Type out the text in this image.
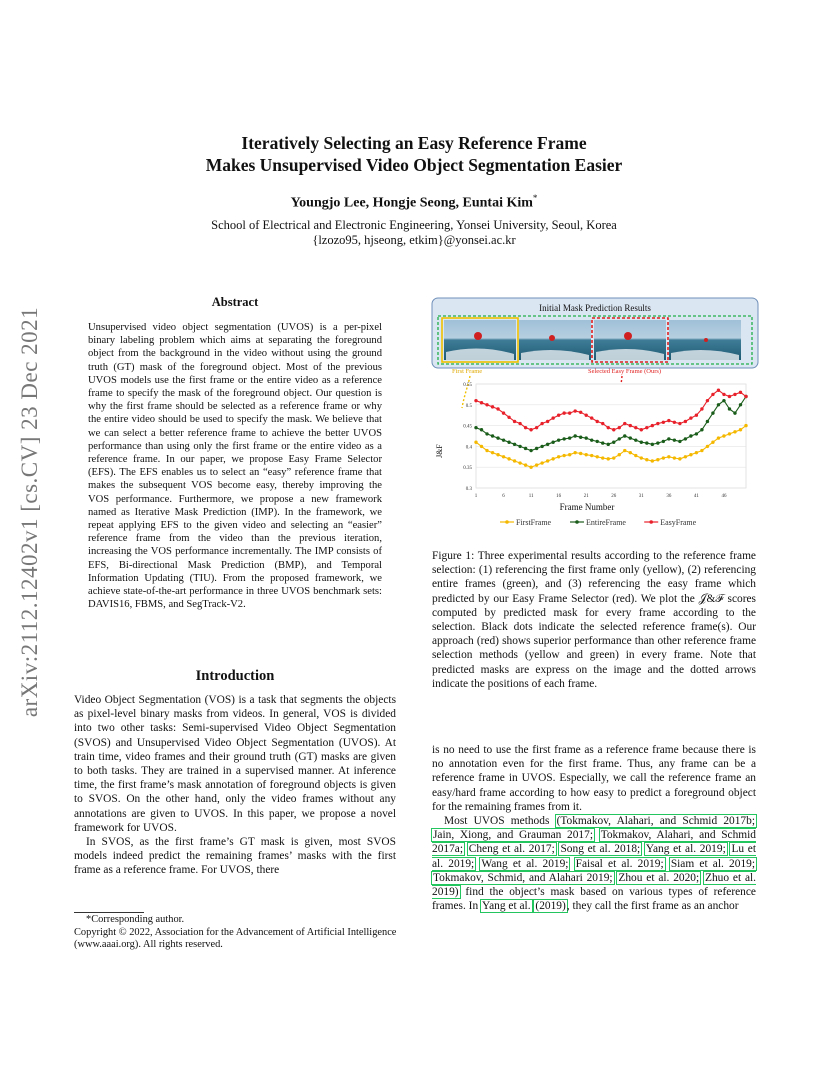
arXiv:2112.12402v1 [cs.CV] 23 Dec 2021
Iteratively Selecting an Easy Reference Frame
Makes Unsupervised Video Object Segmentation Easier
Youngjo Lee, Hongje Seong, Euntai Kim*
School of Electrical and Electronic Engineering, Yonsei University, Seoul, Korea
{lzozo95, hjseong, etkim}@yonsei.ac.kr
Abstract
Unsupervised video object segmentation (UVOS) is a per-pixel binary labeling problem which aims at separating the foreground object from the background in the video without using the ground truth (GT) mask of the foreground object. Most of the previous UVOS models use the first frame or the entire video as a reference frame to specify the mask of the foreground object. Our question is why the first frame should be selected as a reference frame or why the entire video should be used to specify the mask. We believe that we can select a better reference frame to achieve the better UVOS performance than using only the first frame or the entire video as a reference frame. In our paper, we propose Easy Frame Selector (EFS). The EFS enables us to select an “easy” reference frame that makes the subsequent VOS become easy, thereby improving the VOS performance. Furthermore, we propose a new framework named as Iterative Mask Prediction (IMP). In the framework, we repeat applying EFS to the given video and selecting an “easier” reference frame from the video than the previous iteration, increasing the VOS performance incrementally. The IMP consists of EFS, Bi-directional Mask Prediction (BMP), and Temporal Information Updating (TIU). From the proposed framework, we achieve state-of-the-art performance in three UVOS benchmark sets: DAVIS16, FBMS, and SegTrack-V2.
Introduction

Video Object Segmentation (VOS) is a task that segments the objects as pixel-level binary masks from videos. In general, VOS is divided into two other tasks: Semi-supervised Video Object Segmentation (SVOS) and Unsupervised Video Object Segmentation (UVOS). At train time, video frames and their ground truth (GT) masks are given to both tasks. They are trained in a supervised manner. At inference time, the first frame’s mask annotation of foreground objects is given to SVOS. On the other hand, only the video frames without any annotations are given to UVOS. In this paper, we propose a novel framework for UVOS.

In SVOS, as the first frame’s GT mask is given, most SVOS models indeed predict the remaining frames’ masks with the first frame as a reference frame. For UVOS, there

*Corresponding author.
Copyright © 2022, Association for the Advancement of Artificial Intelligence (www.aaai.org). All rights reserved.
Initial Mask Prediction Results
First Frame	Selected Easy Frame (Ours)
0.3
0.35
0.4
0.45
0.5
0.55
1	6	11	16	21	26	31	36	41	46
Frame Number
J&F
FirstFrame	EntireFrame	EasyFrame
Figure 1: Three experimental results according to the reference frame selection: (1) referencing the first frame only (yellow), (2) referencing entire frames (green), and (3) referencing the easy frame which predicted by our Easy Frame Selector (red). We plot the 𝒥&ℱ scores computed by predicted mask for every frame according to the selection. Black dots indicate the selected reference frame(s). Our approach (red) shows superior performance than other reference frame selection methods (yellow and green) in every frame. Note that predicted masks are express on the image and the dotted arrows indicate the positions of each frame.

is no need to use the first frame as a reference frame because there is no annotation even for the first frame. Thus, any frame can be a reference frame in UVOS. Especially, we call the reference frame an easy/hard frame according to how easy to predict a foreground object for the remaining frames from it.

Most UVOS methods (Tokmakov, Alahari, and Schmid 2017b; Jain, Xiong, and Grauman 2017; Tokmakov, Alahari, and Schmid 2017a; Cheng et al. 2017; Song et al. 2018; Yang et al. 2019; Lu et al. 2019; Wang et al. 2019; Faisal et al. 2019; Siam et al. 2019; Tokmakov, Schmid, and Alahari 2019; Zhou et al. 2020; Zhuo et al. 2019) find the object’s mask based on various types of reference frames. In Yang et al. (2019), they call the first frame as an anchor
